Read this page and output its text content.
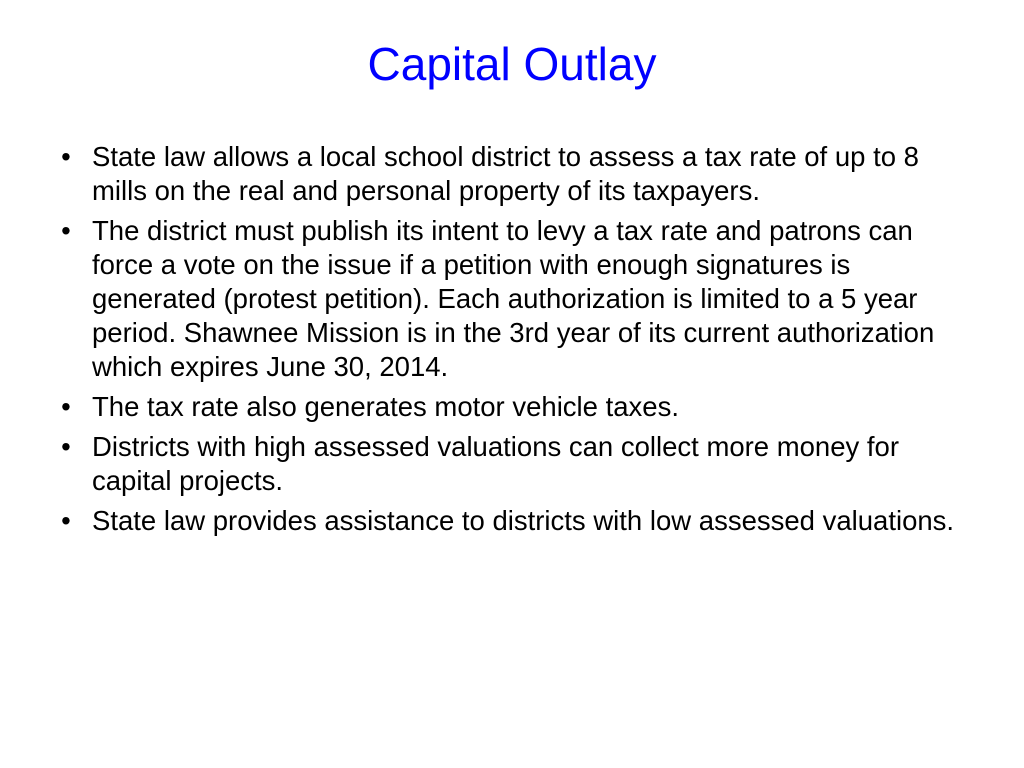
Capital Outlay
• State law allows a local school district to assess a tax rate of up to 8 mills on the real and personal property of its taxpayers.
• The district must publish its intent to levy a tax rate and patrons can force a vote on the issue if a petition with enough signatures is generated (protest petition). Each authorization is limited to a 5 year period. Shawnee Mission is in the 3rd year of its current authorization which expires June 30, 2014.
• The tax rate also generates motor vehicle taxes.
• Districts with high assessed valuations can collect more money for capital projects.
• State law provides assistance to districts with low assessed valuations.
